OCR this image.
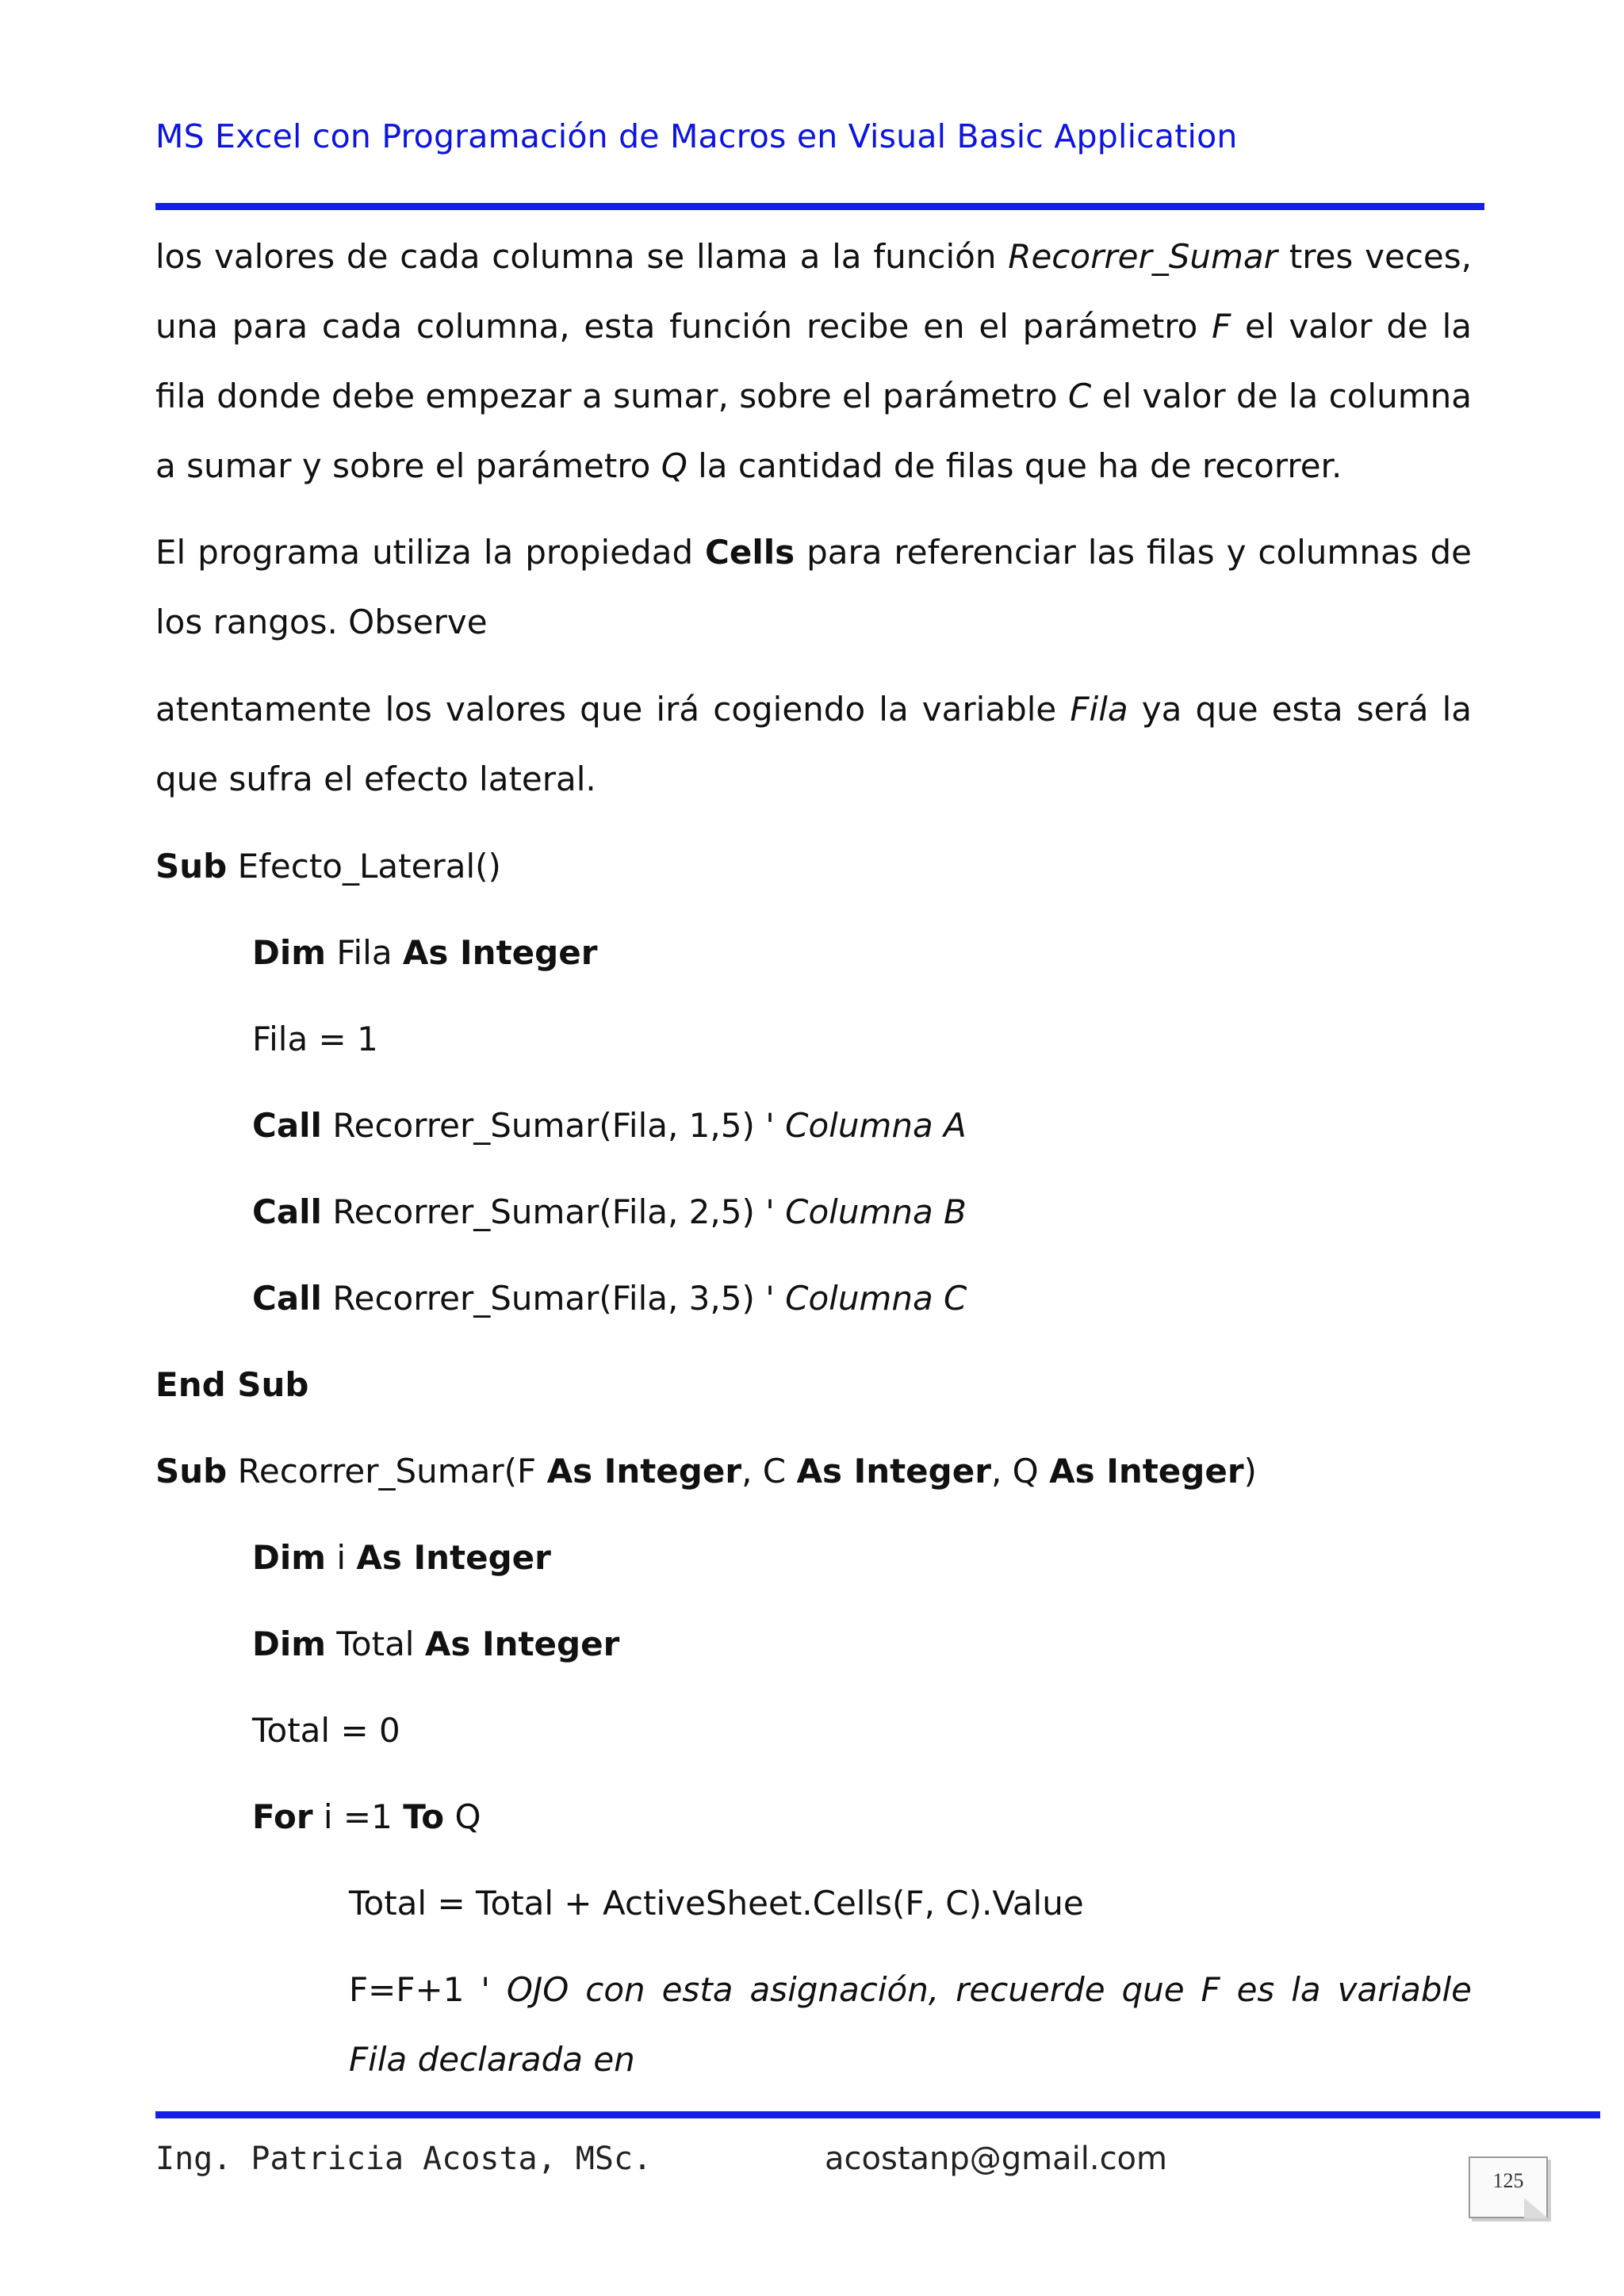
MS Excel con Programación de Macros en Visual Basic Application
los valores de cada columna se llama a la función Recorrer_Sumar tres veces, una para cada columna, esta función recibe en el parámetro F el valor de la fila donde debe empezar a sumar, sobre el parámetro C el valor de la columna a sumar y sobre el parámetro Q la cantidad de filas que ha de recorrer.
El programa utiliza la propiedad Cells para referenciar las filas y columnas de los rangos. Observe
atentamente los valores que irá cogiendo la variable Fila ya que esta será la que sufra el efecto lateral.
Sub Efecto_Lateral()
Dim Fila As Integer
Fila = 1
Call Recorrer_Sumar(Fila, 1,5) ' Columna A
Call Recorrer_Sumar(Fila, 2,5) ' Columna B
Call Recorrer_Sumar(Fila, 3,5) ' Columna C
End Sub
Sub Recorrer_Sumar(F As Integer, C As Integer, Q As Integer)
Dim i As Integer
Dim Total As Integer
Total = 0
For i =1 To Q
Total = Total + ActiveSheet.Cells(F, C).Value
F=F+1 ' OJO con esta asignación, recuerde que F es la variable Fila declarada en
Ing. Patricia Acosta, MSc.	acostanp@gmail.com
125
